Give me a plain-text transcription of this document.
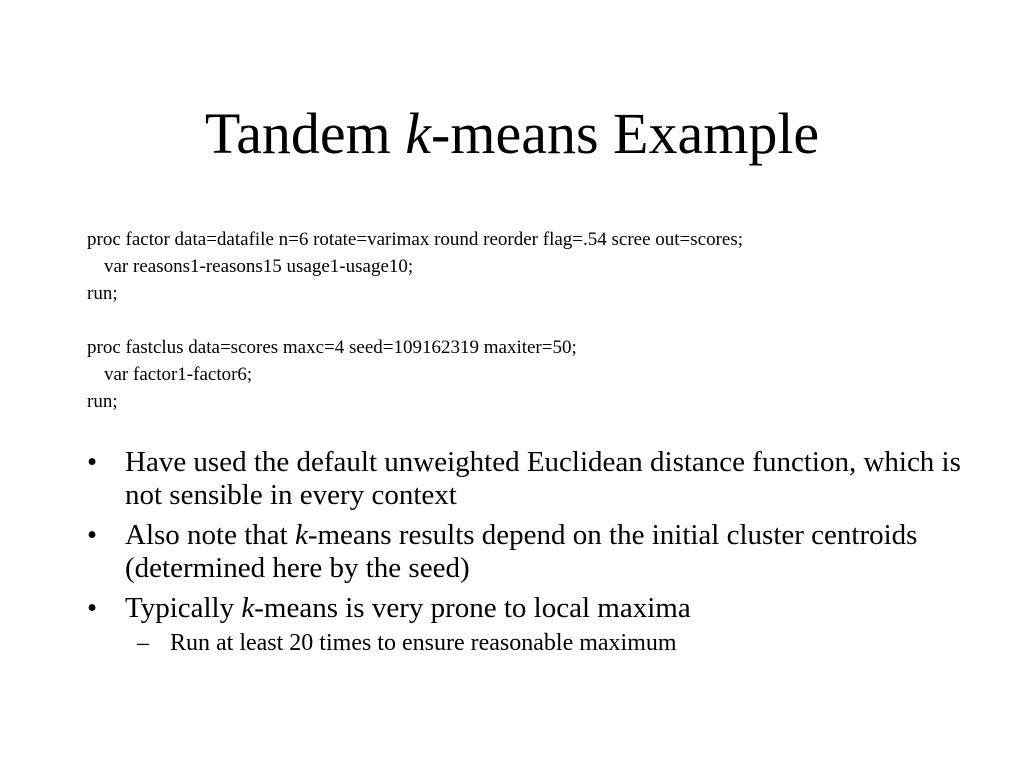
Tandem k-means Example
proc factor data=datafile n=6 rotate=varimax round reorder flag=.54 scree out=scores;
var reasons1-reasons15 usage1-usage10;
run;
proc fastclus data=scores maxc=4 seed=109162319 maxiter=50;
var factor1-factor6;
run;
• Have used the default unweighted Euclidean distance function, which is not sensible in every context
• Also note that k-means results depend on the initial cluster centroids (determined here by the seed)
• Typically k-means is very prone to local maxima
– Run at least 20 times to ensure reasonable maximum
